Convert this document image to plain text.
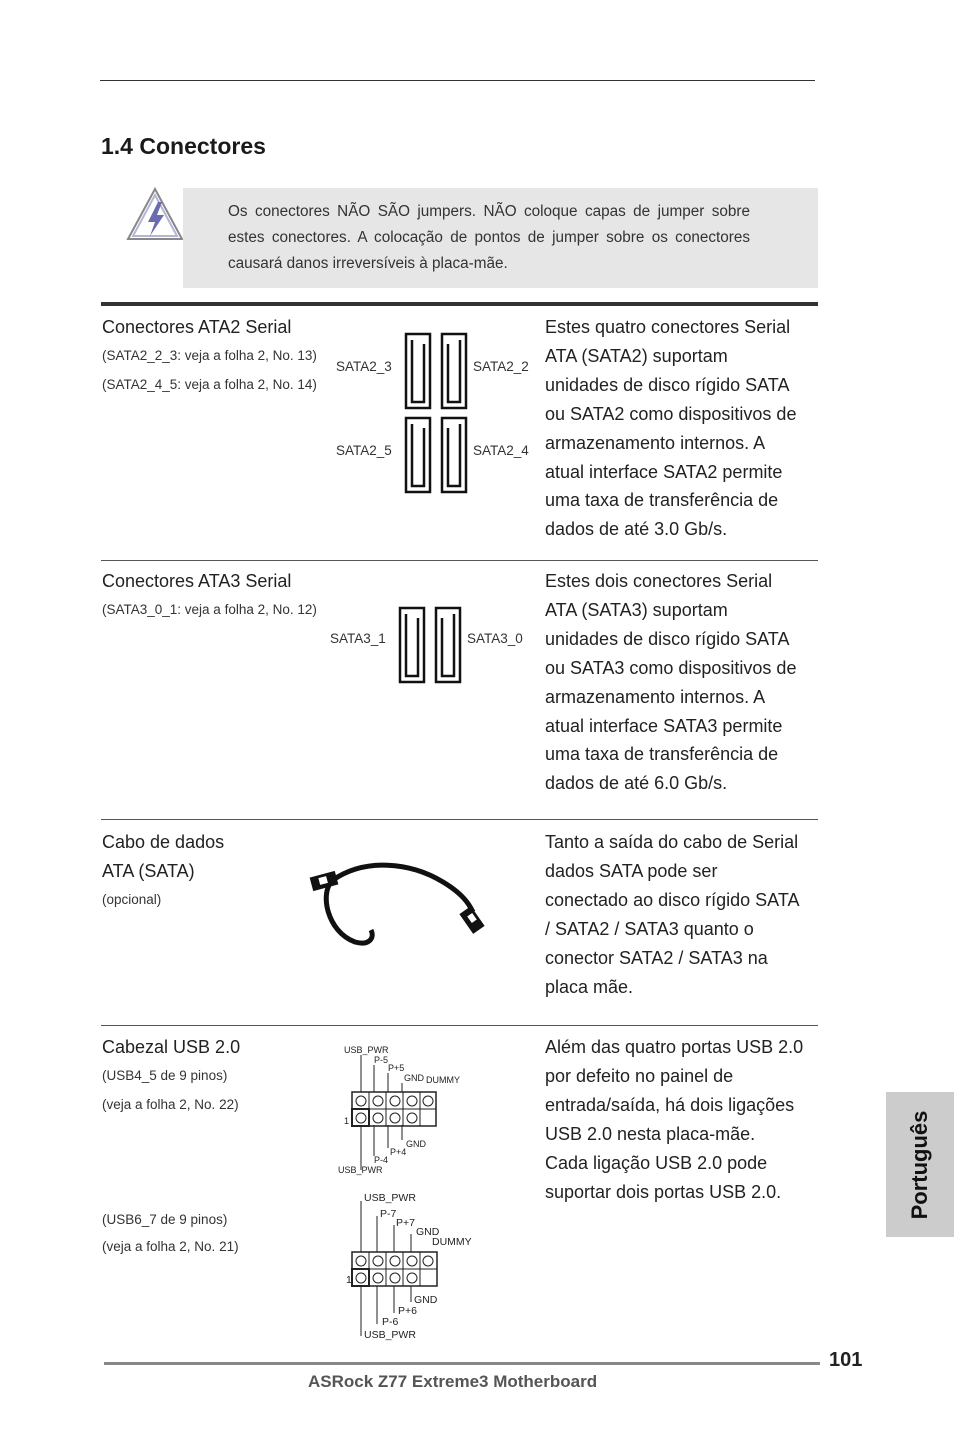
1.4 Conectores
Os conectores NÃO SÃO jumpers. NÃO coloque capas de jumper sobre estes conectores. A colocação de pontos de jumper sobre os conectores causará danos irreversíveis à placa-mãe.
Conectores ATA2 Serial
(SATA2_2_3: veja a folha 2, No. 13)
(SATA2_4_5: veja a folha 2, No. 14)
SATA2_3	SATA2_2
SATA2_5	SATA2_4
Estes quatro conectores Serial
ATA (SATA2) suportam
unidades de disco rígido SATA
ou SATA2 como dispositivos de
armazenamento internos. A
atual interface SATA2 permite
uma taxa de transferência de
dados de até 3.0 Gb/s.
Conectores ATA3 Serial
(SATA3_0_1: veja a folha 2, No. 12)
SATA3_1	SATA3_0
Estes dois conectores Serial
ATA (SATA3) suportam
unidades de disco rígido SATA
ou SATA3 como dispositivos de
armazenamento internos. A
atual interface SATA3 permite
uma taxa de transferência de
dados de até 6.0 Gb/s.
Cabo de dados
ATA (SATA)
(opcional)
Tanto a saída do cabo de Serial
dados SATA pode ser
conectado ao disco rígido SATA
/ SATA2 / SATA3 quanto o
conector SATA2 / SATA3 na
placa mãe.
Cabezal USB 2.0
(USB4_5 de 9 pinos)
(veja a folha 2, No. 22)
(USB6_7 de 9 pinos)
(veja a folha 2, No. 21)
USB_PWR
P-5
P+5
GND DUMMY
1
GND
P+4
P-4
USB_PWR
USB_PWR
P-7
P+7
GND
DUMMY
1
GND
P+6
P-6
USB_PWR
Além das quatro portas USB 2.0
por defeito no painel de
entrada/saída, há dois ligações
USB 2.0 nesta placa-mãe.
Cada ligação USB 2.0 pode
suportar dois portas USB 2.0.	Português
101
ASRock Z77 Extreme3 Motherboard
